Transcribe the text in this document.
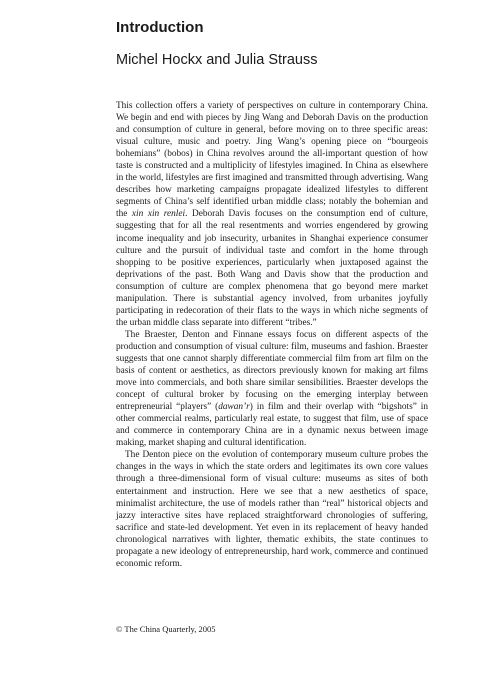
Introduction
Michel Hockx and Julia Strauss

This collection offers a variety of perspectives on culture in contemporary China. We begin and end with pieces by Jing Wang and Deborah Davis on the production and consumption of culture in general, before moving on to three specific areas: visual culture, music and poetry. Jing Wang’s opening piece on “bourgeois bohemians” (bobos) in China revolves around the all-important question of how taste is constructed and a multiplicity of lifestyles imagined. In China as elsewhere in the world, lifestyles are first imagined and transmitted through advertising. Wang describes how marketing campaigns propagate idealized lifestyles to different segments of China’s self identified urban middle class; notably the bohemian and the xin xin renlei. Deborah Davis focuses on the consumption end of culture, suggesting that for all the real resentments and worries engendered by growing income inequality and job insecurity, urbanites in Shanghai experience consumer culture and the pursuit of individual taste and comfort in the home through shopping to be positive experiences, particularly when juxtaposed against the deprivations of the past. Both Wang and Davis show that the production and consumption of culture are complex phenomena that go beyond mere market manipulation. There is substantial agency involved, from urbanites joyfully participating in redecoration of their flats to the ways in which niche segments of the urban middle class separate into different “tribes.”

The Braester, Denton and Finnane essays focus on different aspects of the production and consumption of visual culture: film, museums and fashion. Braester suggests that one cannot sharply differentiate commercial film from art film on the basis of content or aesthetics, as directors previously known for making art films move into commercials, and both share similar sensibilities. Braester develops the concept of cultural broker by focusing on the emerging interplay between entrepreneurial “players” (dawan’r) in film and their overlap with “bigshots” in other commercial realms, particularly real estate, to suggest that film, use of space and commerce in contemporary China are in a dynamic nexus between image making, market shaping and cultural identification.

The Denton piece on the evolution of contemporary museum culture probes the changes in the ways in which the state orders and legitimates its own core values through a three-dimensional form of visual culture: museums as sites of both entertainment and instruction. Here we see that a new aesthetics of space, minimalist architecture, the use of models rather than “real” historical objects and jazzy interactive sites have replaced straightforward chronologies of suffering, sacrifice and state-led development. Yet even in its replacement of heavy handed chronological narratives with lighter, thematic exhibits, the state continues to propagate a new ideology of entrepreneurship, hard work, commerce and continued economic reform.

© The China Quarterly, 2005
